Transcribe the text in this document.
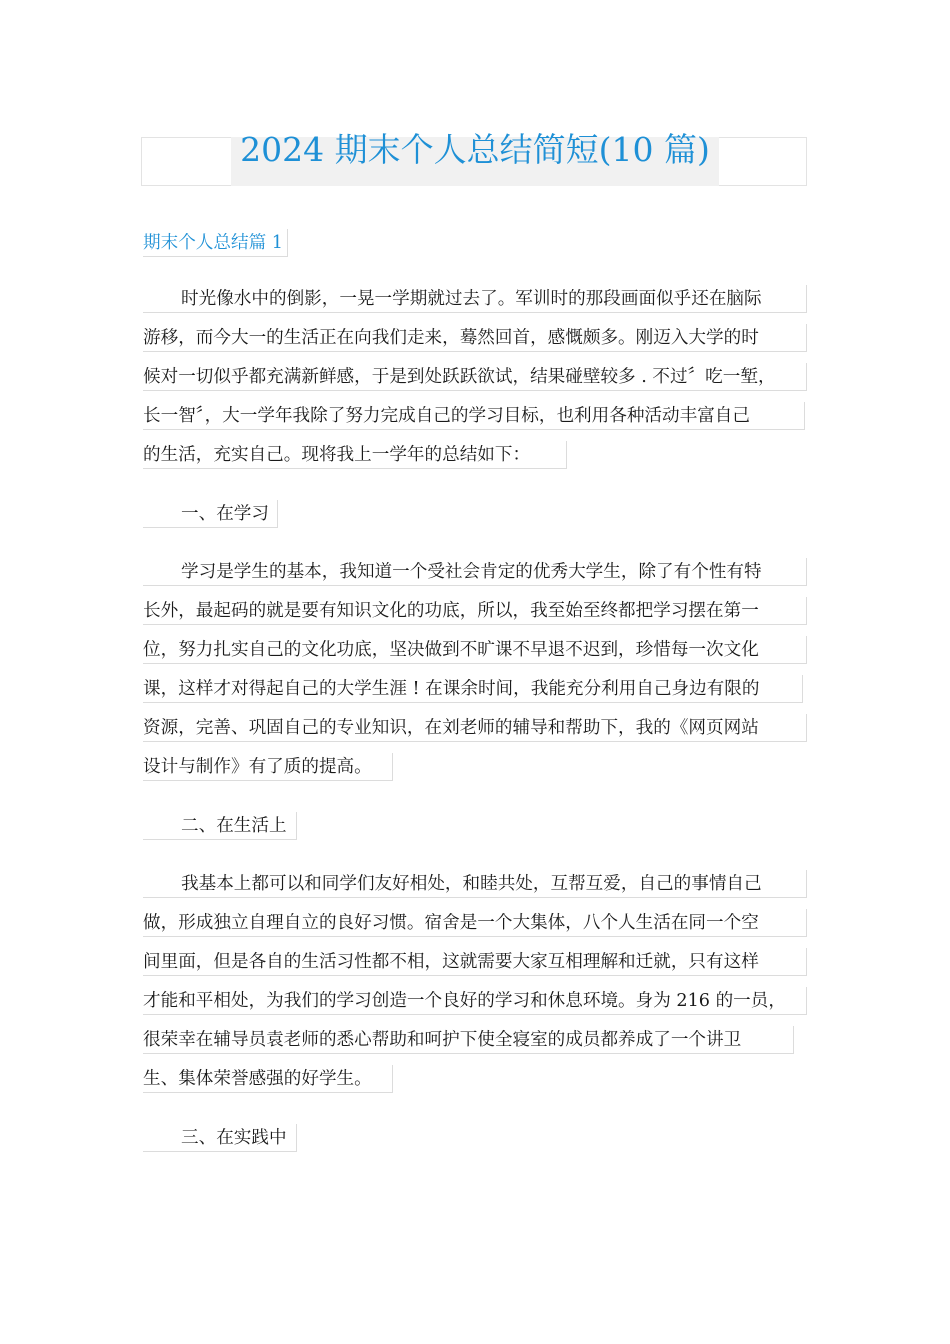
2024 期末个人总结简短(10 篇)
期末个人总结篇 1
时光像水中的倒影，一晃一学期就过去了。军训时的那段画面似乎还在脑际
游移，而今大一的生活正在向我们走来，蓦然回首，感慨颇多。刚迈入大学的时
候对一切似乎都充满新鲜感，于是到处跃跃欲试，结果碰壁较多 . 不过〞吃一堑，
长一智〞，大一学年我除了努力完成自己的学习目标，也利用各种活动丰富自己
的生活，充实自己。现将我上一学年的总结如下：
一、在学习
学习是学生的基本，我知道一个受社会肯定的优秀大学生，除了有个性有特
长外，最起码的就是要有知识文化的功底，所以，我至始至终都把学习摆在第一
位，努力扎实自己的文化功底，坚决做到不旷课不早退不迟到，珍惜每一次文化
课，这样才对得起自己的大学生涯 ! 在课余时间，我能充分利用自己身边有限的
资源，完善、巩固自己的专业知识，在刘老师的辅导和帮助下，我的《网页网站
设计与制作》有了质的提高。
二、在生活上
我基本上都可以和同学们友好相处，和睦共处，互帮互爱，自己的事情自己
做，形成独立自理自立的良好习惯。宿舍是一个大集体，八个人生活在同一个空
间里面，但是各自的生活习性都不相，这就需要大家互相理解和迁就，只有这样
才能和平相处，为我们的学习创造一个良好的学习和休息环境。身为 216 的一员，
很荣幸在辅导员袁老师的悉心帮助和呵护下使全寝室的成员都养成了一个讲卫
生、集体荣誉感强的好学生。
三、在实践中
